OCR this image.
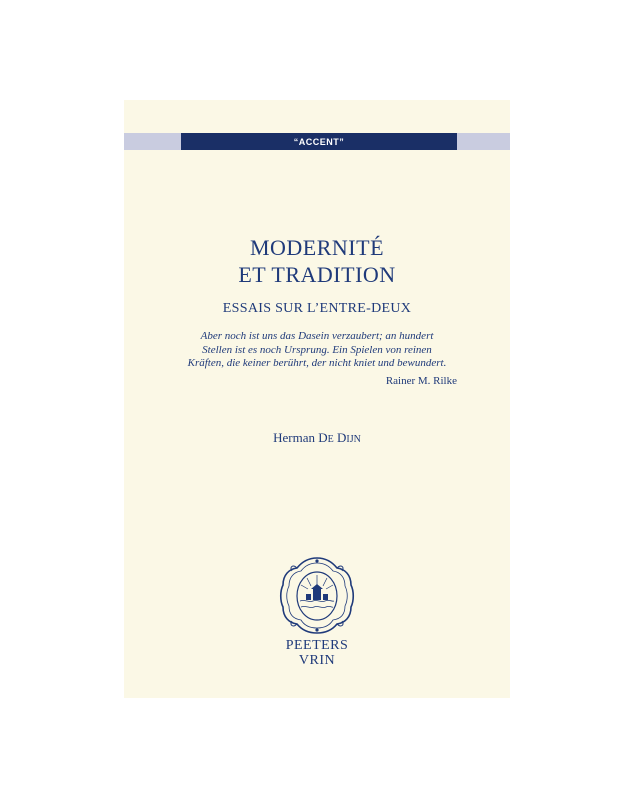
“ACCENT”
MODERNITÉ
ET TRADITION
ESSAIS SUR L’ENTRE-DEUX
Aber noch ist uns das Dasein verzaubert; an hundert
Stellen ist es noch Ursprung. Ein Spielen von reinen
Kräften, die keiner berührt, der nicht kniet und bewundert.
Rainer M. Rilke
Herman DE DIJN
PEETERS
VRIN
